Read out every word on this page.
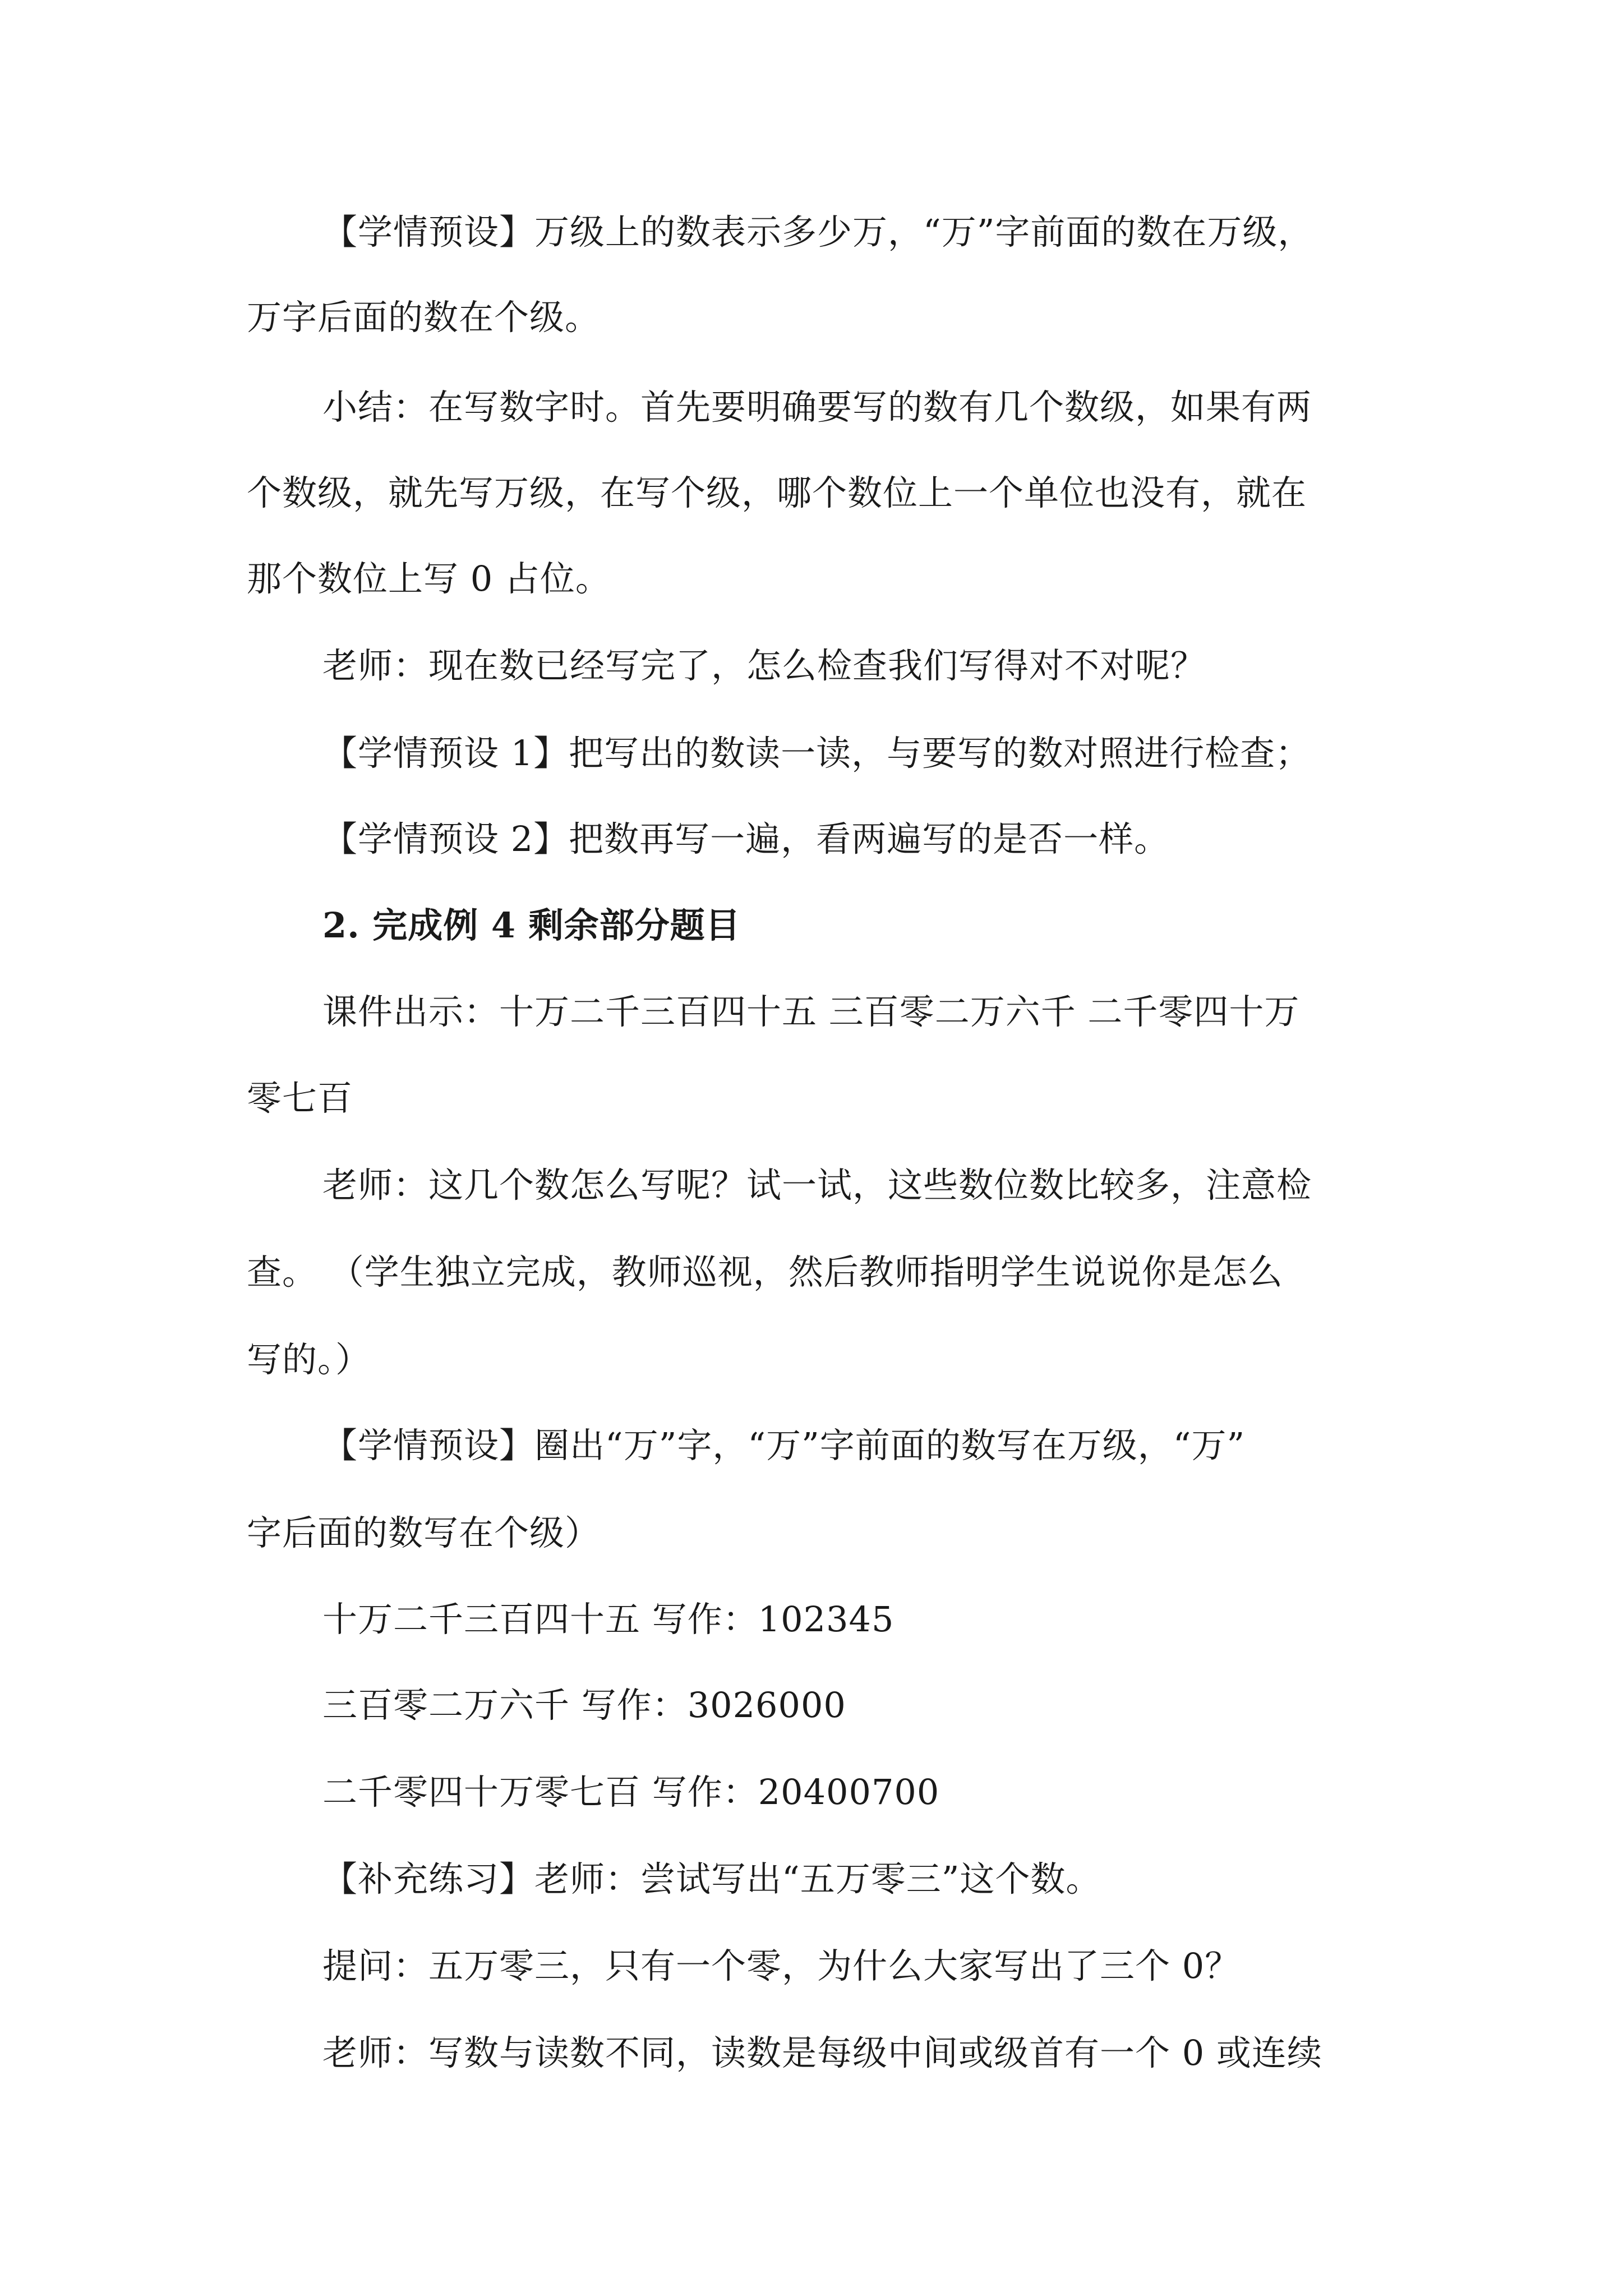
【学情预设】万级上的数表示多少万，“万”字前面的数在万级，
万字后面的数在个级。
小结：在写数字时。首先要明确要写的数有几个数级，如果有两
个数级，就先写万级，在写个级，哪个数位上一个单位也没有，就在
那个数位上写 0 占位。
老师：现在数已经写完了，怎么检查我们写得对不对呢？
【学情预设 1】把写出的数读一读，与要写的数对照进行检查；
【学情预设 2】把数再写一遍，看两遍写的是否一样。
2. 完成例 4 剩余部分题目
课件出示：十万二千三百四十五 三百零二万六千 二千零四十万
零七百
老师：这几个数怎么写呢？试一试，这些数位数比较多，注意检
查。 （学生独立完成，教师巡视，然后教师指明学生说说你是怎么
写的。）
【学情预设】圈出“万”字，“万”字前面的数写在万级，“万”
字后面的数写在个级）
十万二千三百四十五 写作：102345
三百零二万六千 写作：3026000
二千零四十万零七百 写作：20400700
【补充练习】老师：尝试写出“五万零三”这个数。
提问：五万零三，只有一个零，为什么大家写出了三个 0？
老师：写数与读数不同，读数是每级中间或级首有一个 0 或连续
